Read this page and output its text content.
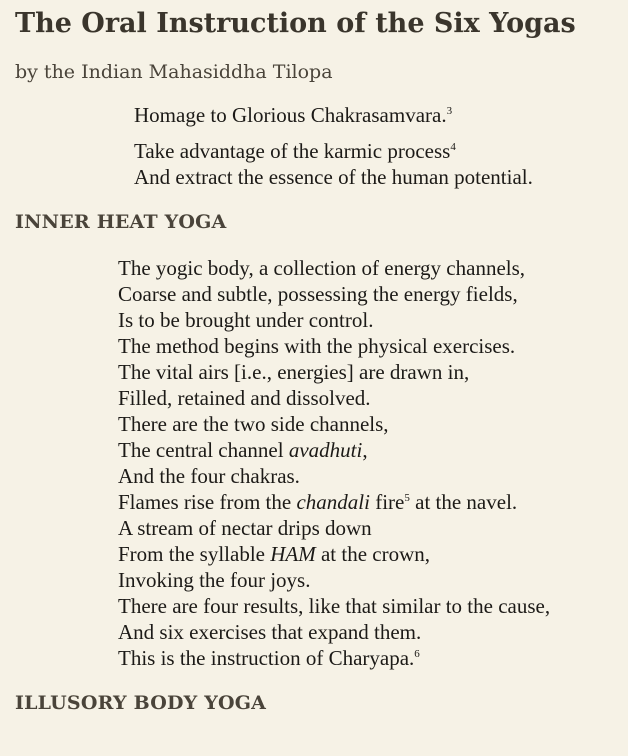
The Oral Instruction of the Six Yogas

by the Indian Mahasiddha Tilopa

Homage to Glorious Chakrasamvara.$^3$
Take advantage of the karmic process$^4$
And extract the essence of the human potential.
INNER HEAT YOGA
The yogic body, a collection of energy channels,
Coarse and subtle, possessing the energy fields,
Is to be brought under control.
The method begins with the physical exercises.
The vital airs [i.e., energies] are drawn in,
Filled, retained and dissolved.
There are the two side channels,
The central channel avadhuti,
And the four chakras.
Flames rise from the chandali fire$^5$ at the navel.
A stream of nectar drips down
From the syllable HAM at the crown,
Invoking the four joys.
There are four results, like that similar to the cause,
And six exercises that expand them.
This is the instruction of Charyapa.$^6$
ILLUSORY BODY YOGA
